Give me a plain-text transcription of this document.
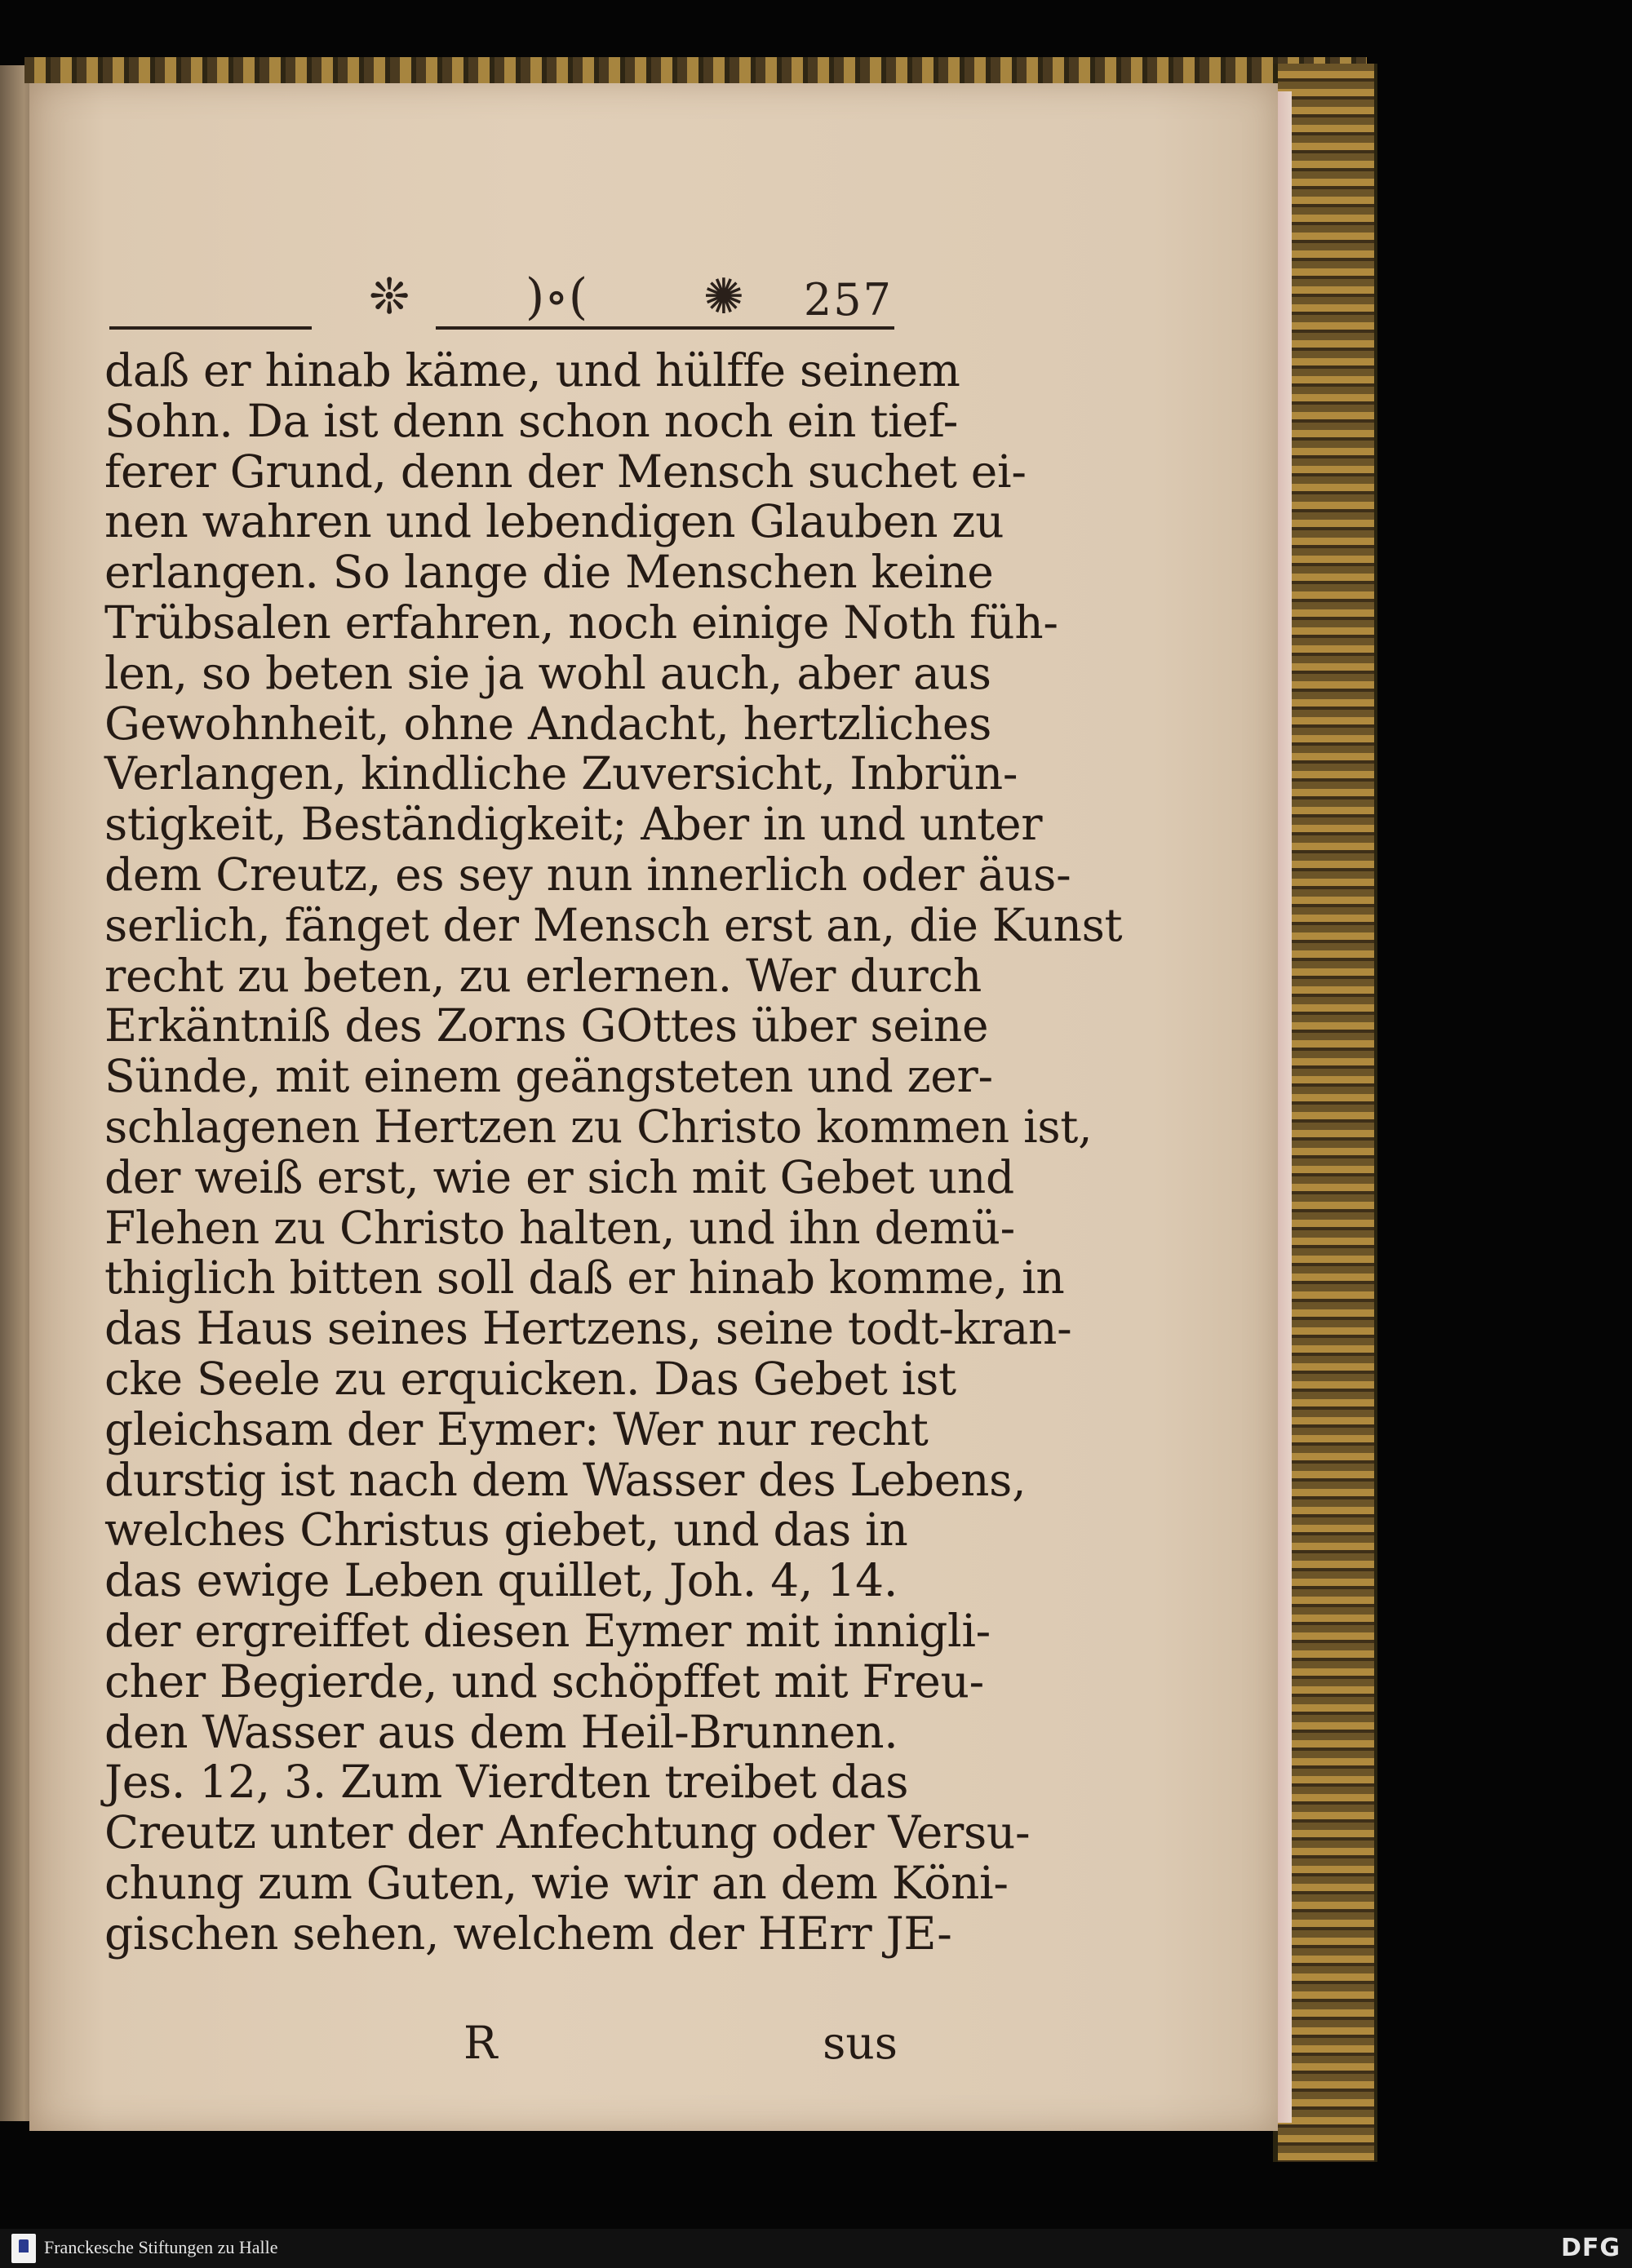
❊ )∘( ✺ 257
daß er hinab käme, und hülffe seinem
Sohn. Da ist denn schon noch ein tief-
ferer Grund, denn der Mensch suchet ei-
nen wahren und lebendigen Glauben zu
erlangen. So lange die Menschen keine
Trübsalen erfahren, noch einige Noth füh-
len, so beten sie ja wohl auch, aber aus
Gewohnheit, ohne Andacht, hertzliches
Verlangen, kindliche Zuversicht, Inbrün-
stigkeit, Beständigkeit; Aber in und unter
dem Creutz, es sey nun innerlich oder äus-
serlich, fänget der Mensch erst an, die Kunst
recht zu beten, zu erlernen. Wer durch
Erkäntniß des Zorns GOttes über seine
Sünde, mit einem geängsteten und zer-
schlagenen Hertzen zu Christo kommen ist,
der weiß erst, wie er sich mit Gebet und
Flehen zu Christo halten, und ihn demü-
thiglich bitten soll daß er hinab komme, in
das Haus seines Hertzens, seine todt-kran-
cke Seele zu erquicken. Das Gebet ist
gleichsam der Eymer: Wer nur recht
durstig ist nach dem Wasser des Lebens,
welches Christus giebet, und das in
das ewige Leben quillet, Joh. 4, 14.
der ergreiffet diesen Eymer mit innigli-
cher Begierde, und schöpffet mit Freu-
den Wasser aus dem Heil-Brunnen.
Jes. 12, 3. Zum Vierdten treibet das
Creutz unter der Anfechtung oder Versu-
chung zum Guten, wie wir an dem Köni-
gischen sehen, welchem der HErr JE-
R	sus
Franckesche Stiftungen zu Halle	DFG
